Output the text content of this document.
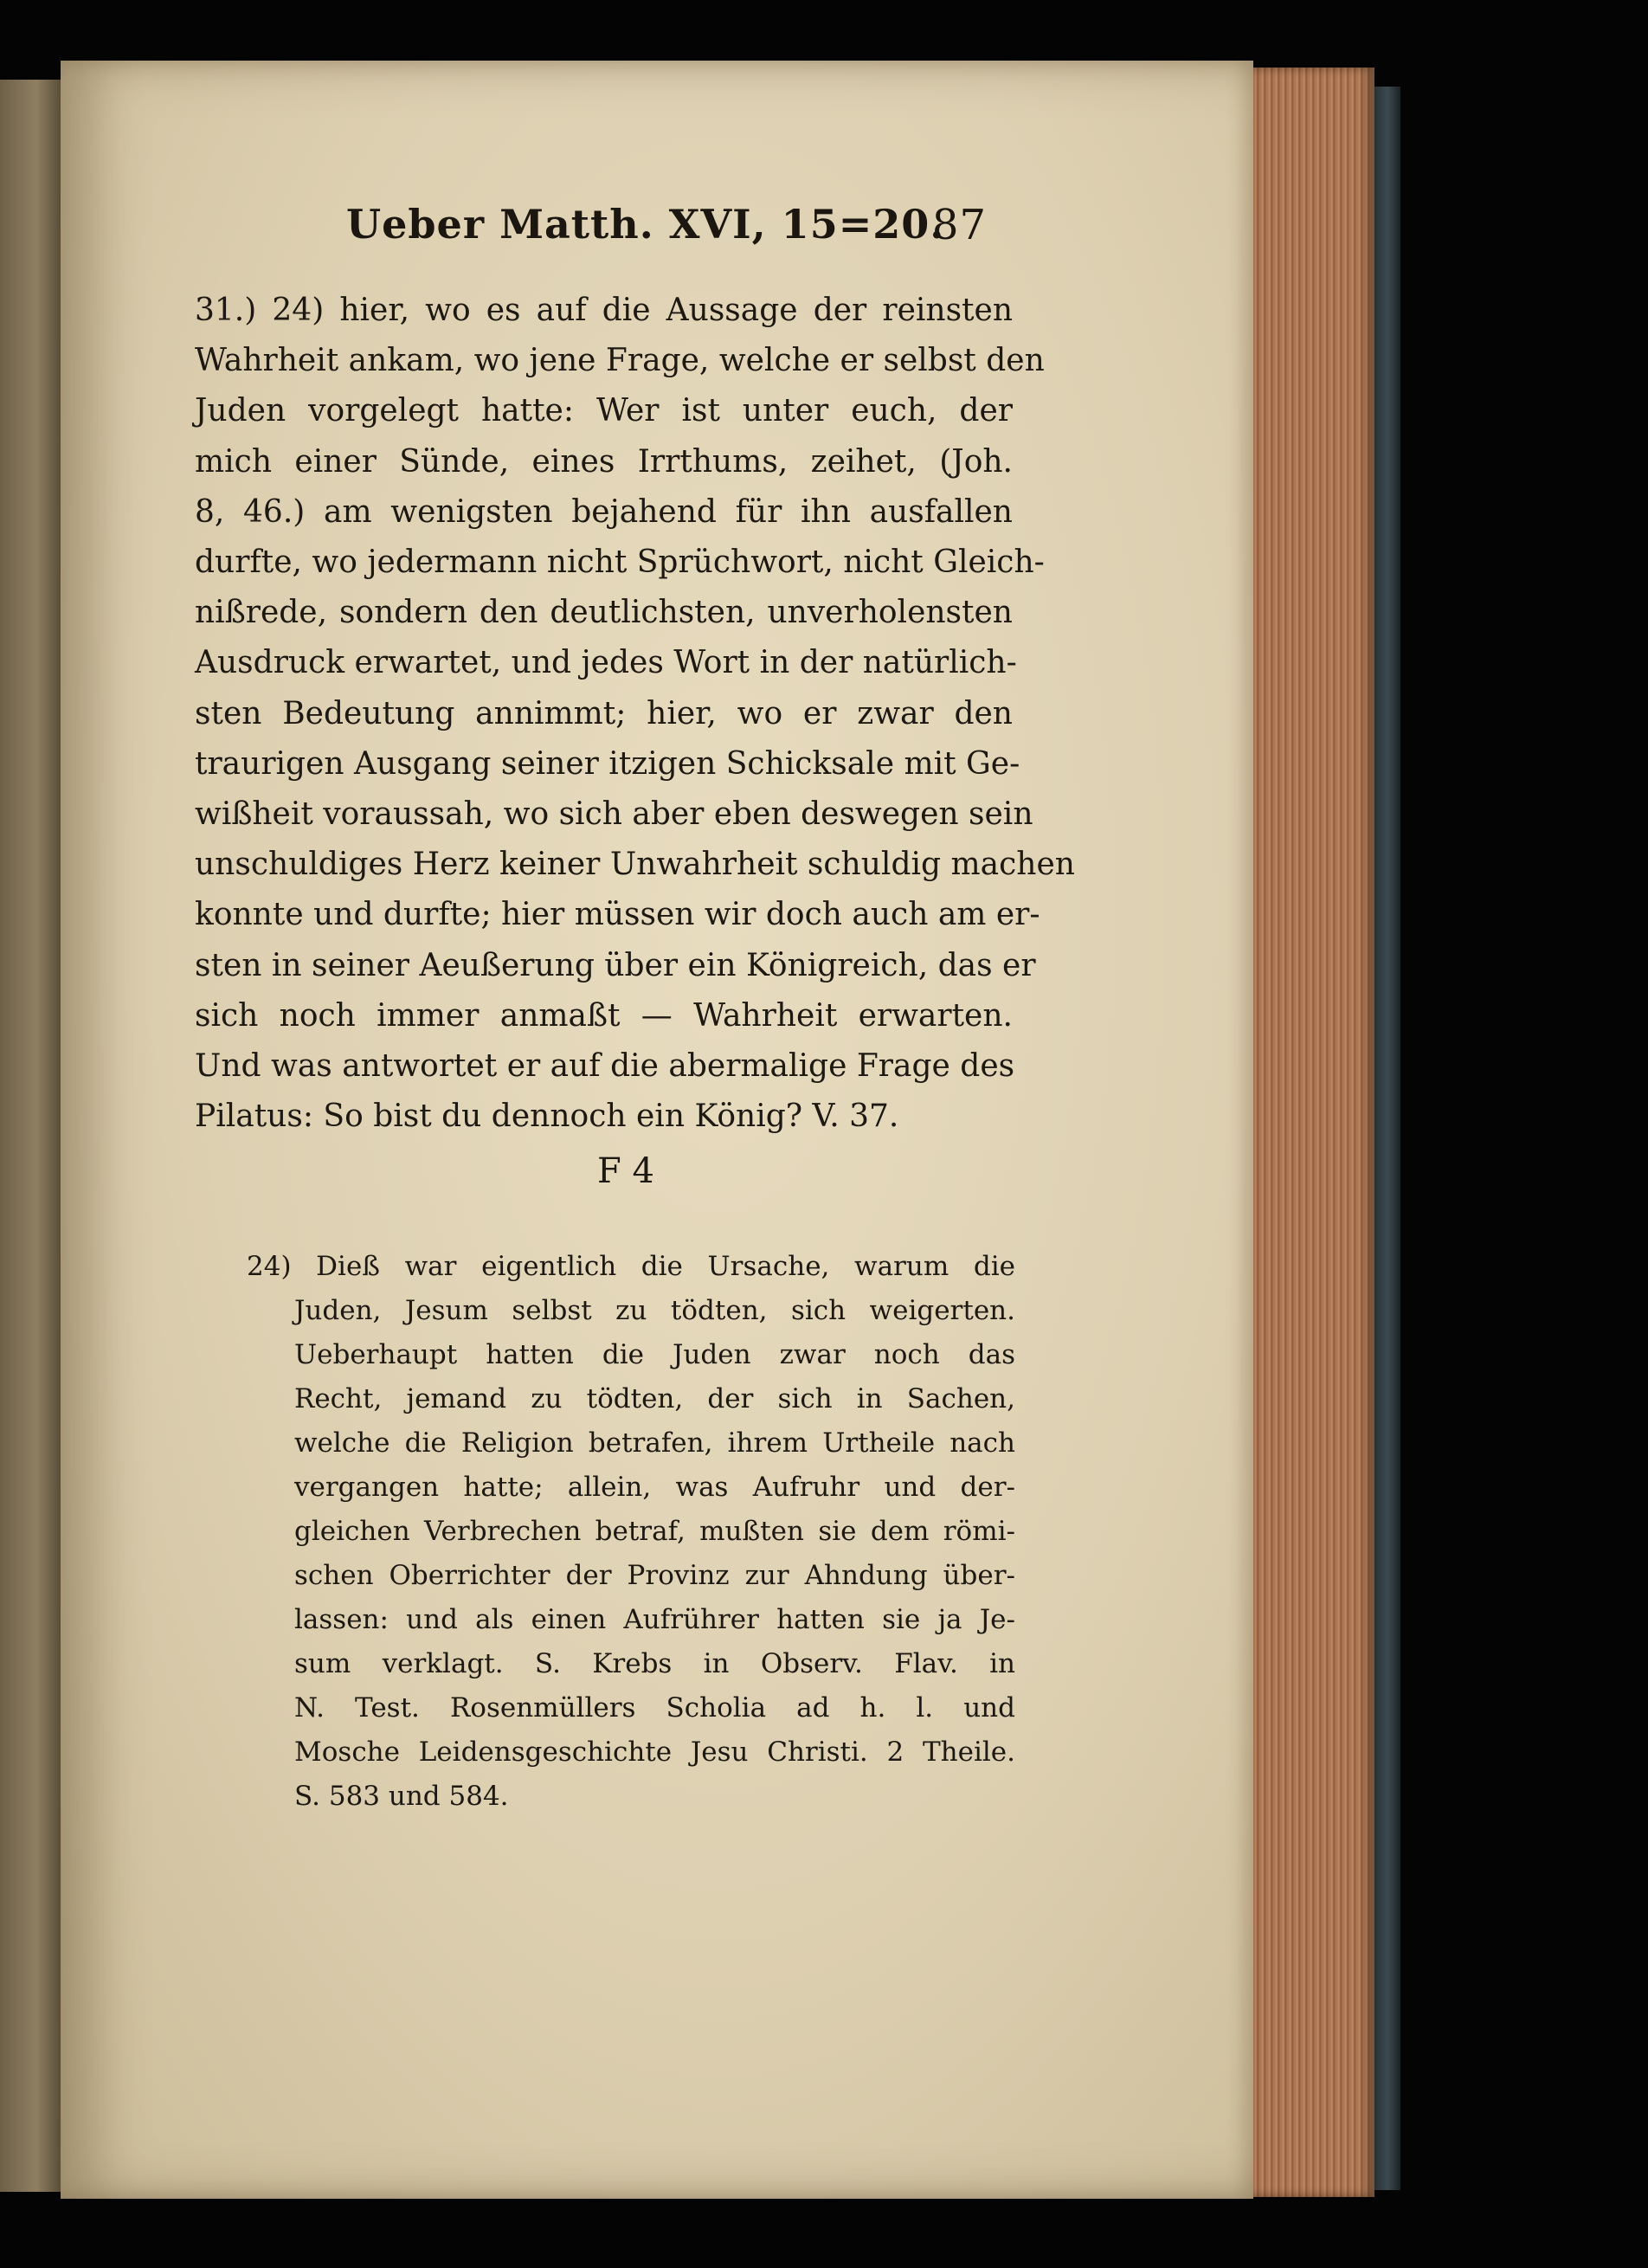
Ueber Matth. XVI, 15=20.
87
31.) 24) hier, wo es auf die Aussage der reinsten
Wahrheit ankam, wo jene Frage, welche er selbst den
Juden vorgelegt hatte: Wer ist unter euch, der
mich einer Sünde, eines Irrthums, zeihet, (Joh.
8, 46.) am wenigsten bejahend für ihn ausfallen
durfte, wo jedermann nicht Sprüchwort, nicht Gleich-
nißrede, sondern den deutlichsten, unverholensten
Ausdruck erwartet, und jedes Wort in der natürlich-
sten Bedeutung annimmt; hier, wo er zwar den
traurigen Ausgang seiner itzigen Schicksale mit Ge-
wißheit voraussah, wo sich aber eben deswegen sein
unschuldiges Herz keiner Unwahrheit schuldig machen
konnte und durfte; hier müssen wir doch auch am er-
sten in seiner Aeußerung über ein Königreich, das er
sich noch immer anmaßt — Wahrheit erwarten.
Und was antwortet er auf die abermalige Frage des
Pilatus: So bist du dennoch ein König? V. 37.
F 4
24) Dieß war eigentlich die Ursache, warum die
Juden, Jesum selbst zu tödten, sich weigerten.
Ueberhaupt hatten die Juden zwar noch das
Recht, jemand zu tödten, der sich in Sachen,
welche die Religion betrafen, ihrem Urtheile nach
vergangen hatte; allein, was Aufruhr und der-
gleichen Verbrechen betraf, mußten sie dem römi-
schen Oberrichter der Provinz zur Ahndung über-
lassen: und als einen Aufrührer hatten sie ja Je-
sum verklagt. S. Krebs in Observ. Flav. in
N. Test. Rosenmüllers Scholia ad h. l. und
Mosche Leidensgeschichte Jesu Christi. 2 Theile.
S. 583 und 584.
